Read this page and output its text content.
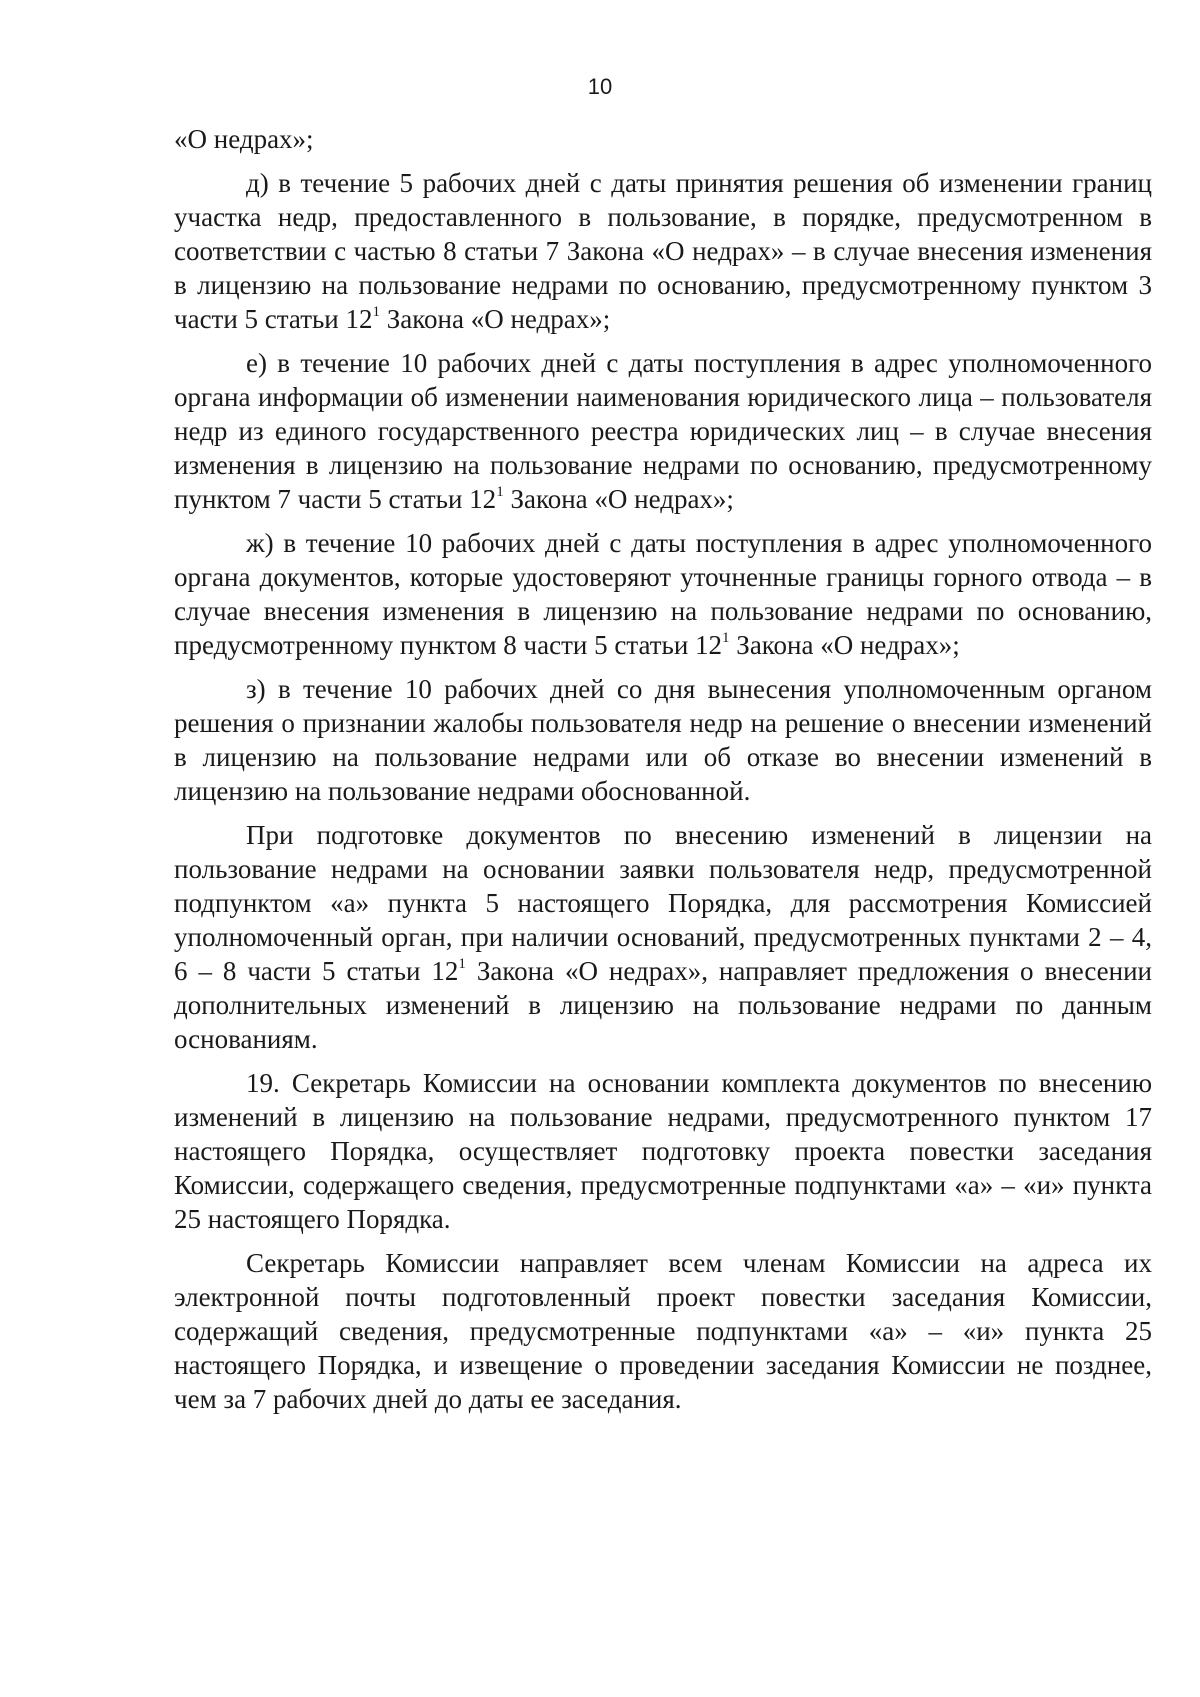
10

«О недрах»;

д) в течение 5 рабочих дней с даты принятия решения об изменении границ участка недр, предоставленного в пользование, в порядке, предусмотренном в соответствии с частью 8 статьи 7 Закона «О недрах» – в случае внесения изменения в лицензию на пользование недрами по основанию, предусмотренному пунктом 3 части 5 статьи $12^1$ Закона «О недрах»;

е) в течение 10 рабочих дней с даты поступления в адрес уполномоченного органа информации об изменении наименования юридического лица – пользователя недр из единого государственного реестра юридических лиц – в случае внесения изменения в лицензию на пользование недрами по основанию, предусмотренному пунктом 7 части 5 статьи $12^1$ Закона «О недрах»;

ж) в течение 10 рабочих дней с даты поступления в адрес уполномоченного органа документов, которые удостоверяют уточненные границы горного отвода – в случае внесения изменения в лицензию на пользование недрами по основанию, предусмотренному пунктом 8 части 5 статьи $12^1$ Закона «О недрах»;

з) в течение 10 рабочих дней со дня вынесения уполномоченным органом решения о признании жалобы пользователя недр на решение о внесении изменений в лицензию на пользование недрами или об отказе во внесении изменений в лицензию на пользование недрами обоснованной.

При подготовке документов по внесению изменений в лицензии на пользование недрами на основании заявки пользователя недр, предусмотренной подпунктом «а» пункта 5 настоящего Порядка, для рассмотрения Комиссией уполномоченный орган, при наличии оснований, предусмотренных пунктами 2 – 4, 6 – 8 части 5 статьи $12^1$ Закона «О недрах», направляет предложения о внесении дополнительных изменений в лицензию на пользование недрами по данным основаниям.

19. Секретарь Комиссии на основании комплекта документов по внесению изменений в лицензию на пользование недрами, предусмотренного пунктом 17 настоящего Порядка, осуществляет подготовку проекта повестки заседания Комиссии, содержащего сведения, предусмотренные подпунктами «а» – «и» пункта 25 настоящего Порядка.

Секретарь Комиссии направляет всем членам Комиссии на адреса их электронной почты подготовленный проект повестки заседания Комиссии, содержащий сведения, предусмотренные подпунктами «а» – «и» пункта 25 настоящего Порядка, и извещение о проведении заседания Комиссии не позднее, чем за 7 рабочих дней до даты ее заседания.
